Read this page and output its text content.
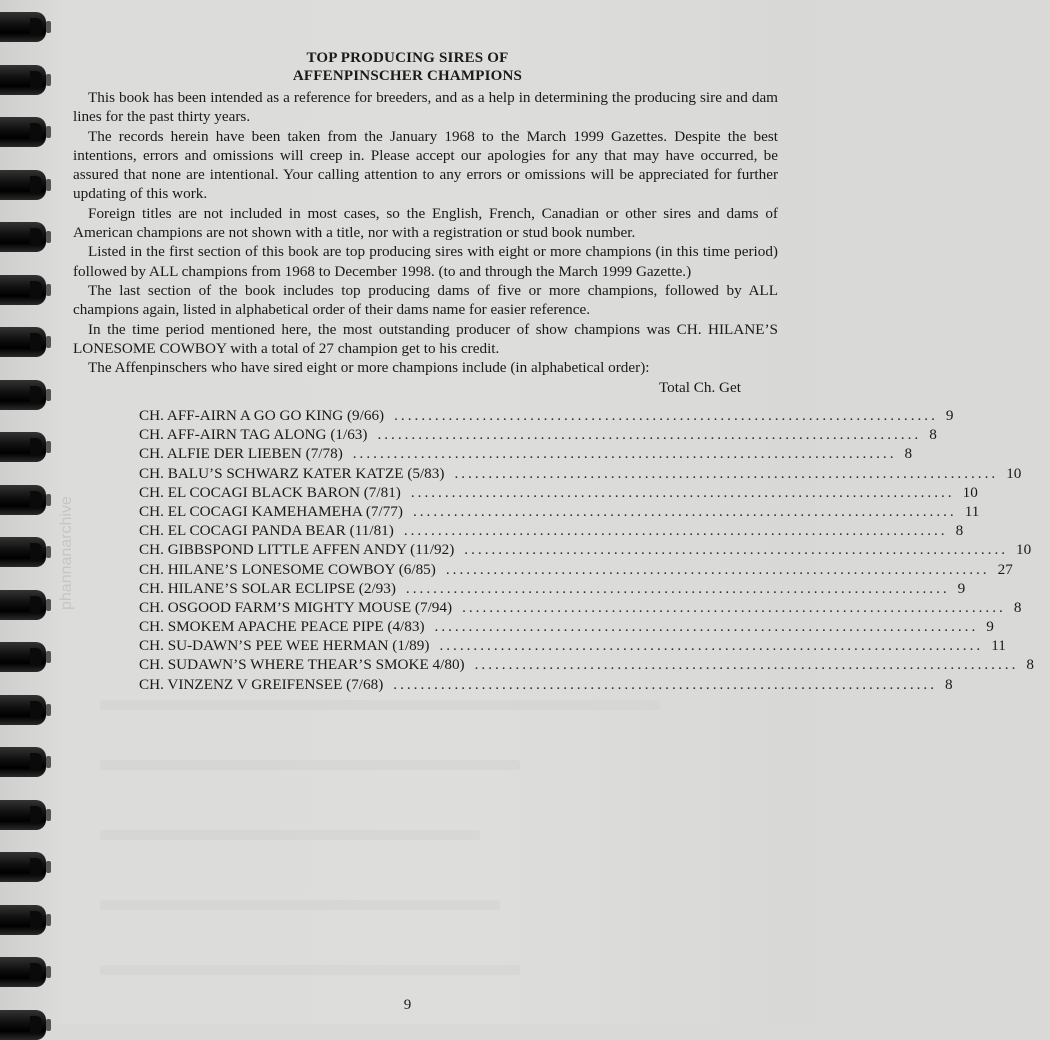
phannanarchive
TOP PRODUCING SIRES OF
AFFENPINSCHER CHAMPIONS

This book has been intended as a reference for breeders, and as a help in determining the producing sire and dam lines for the past thirty years.

The records herein have been taken from the January 1968 to the March 1999 Gazettes. Despite the best intentions, errors and omissions will creep in. Please accept our apologies for any that may have occurred, be assured that none are intentional. Your calling attention to any errors or omissions will be appreciated for further updating of this work.

Foreign titles are not included in most cases, so the English, French, Canadian or other sires and dams of American champions are not shown with a title, nor with a registration or stud book number.

Listed in the first section of this book are top producing sires with eight or more champions (in this time period) followed by ALL champions from 1968 to December 1998. (to and through the March 1999 Gazette.)

The last section of the book includes top producing dams of five or more champions, followed by ALL champions again, listed in alphabetical order of their dams name for easier reference.

In the time period mentioned here, the most outstanding producer of show champions was CH. HILANE’S LONESOME COWBOY with a total of 27 champion get to his credit.

The Affenpinschers who have sired eight or more champions include (in alphabetical order):

Total Ch. Get
CH. AFF-AIRN A GO GO KING (9/66) ................................................................................ 9
CH. AFF-AIRN TAG ALONG (1/63) ................................................................................ 8
CH. ALFIE DER LIEBEN (7/78) ................................................................................ 8
CH. BALU’S SCHWARZ KATER KATZE (5/83) ................................................................................ 10
CH. EL COCAGI BLACK BARON (7/81) ................................................................................ 10
CH. EL COCAGI KAMEHAMEHA (7/77) ................................................................................ 11
CH. EL COCAGI PANDA BEAR (11/81) ................................................................................ 8
CH. GIBBSPOND LITTLE AFFEN ANDY (11/92) ................................................................................ 10
CH. HILANE’S LONESOME COWBOY (6/85) ................................................................................ 27
CH. HILANE’S SOLAR ECLIPSE (2/93) ................................................................................ 9
CH. OSGOOD FARM’S MIGHTY MOUSE (7/94) ................................................................................ 8
CH. SMOKEM APACHE PEACE PIPE (4/83) ................................................................................ 9
CH. SU-DAWN’S PEE WEE HERMAN (1/89) ................................................................................ 11
CH. SUDAWN’S WHERE THEAR’S SMOKE 4/80) ................................................................................ 8
CH. VINZENZ V GREIFENSEE (7/68) ................................................................................ 8
9
